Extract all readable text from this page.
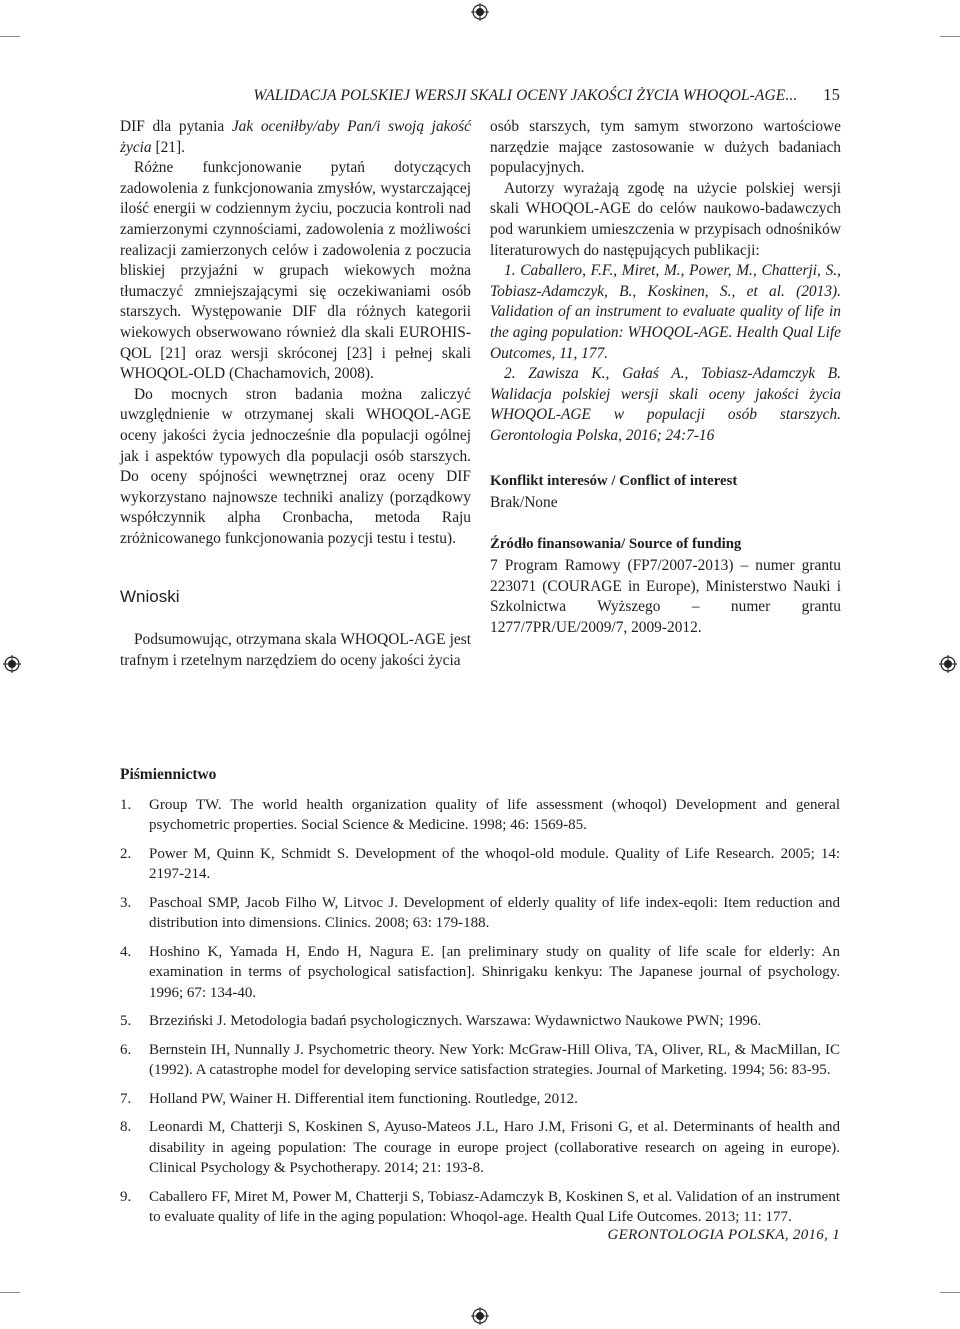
WALIDACJA POLSKIEJ WERSJI SKALI OCENY JAKOŚCI ŻYCIA WHOQOL-AGE... 15

DIF dla pytania Jak oceniłby/aby Pan/i swoją jakość życia [21].

Różne funkcjonowanie pytań dotyczących zadowolenia z funkcjonowania zmysłów, wystarczającej ilość energii w codziennym życiu, poczucia kontroli nad zamierzonymi czynnościami, zadowolenia z możliwości realizacji zamierzonych celów i zadowolenia z poczucia bliskiej przyjaźni w grupach wiekowych można tłumaczyć zmniejszającymi się oczekiwaniami osób starszych. Występowanie DIF dla różnych kategorii wiekowych obserwowano również dla skali EUROHIS-QOL [21] oraz wersji skróconej [23] i pełnej skali WHOQOL-OLD (Chachamovich, 2008).

Do mocnych stron badania można zaliczyć uwzględnienie w otrzymanej skali WHOQOL-AGE oceny jakości życia jednocześnie dla populacji ogólnej jak i aspektów typowych dla populacji osób starszych. Do oceny spójności wewnętrznej oraz oceny DIF wykorzystano najnowsze techniki analizy (porządkowy współczynnik alpha Cronbacha, metoda Raju zróżnicowanego funkcjonowania pozycji testu i testu).

Wnioski

Podsumowując, otrzymana skala WHOQOL-AGE jest trafnym i rzetelnym narzędziem do oceny jakości życia

osób starszych, tym samym stworzono wartościowe narzędzie mające zastosowanie w dużych badaniach populacyjnych.

Autorzy wyrażają zgodę na użycie polskiej wersji skali WHOQOL-AGE do celów naukowo-badawczych pod warunkiem umieszczenia w przypisach odnośników literaturowych do następujących publikacji:

1. Caballero, F.F., Miret, M., Power, M., Chatterji, S., Tobiasz-Adamczyk, B., Koskinen, S., et al. (2013). Validation of an instrument to evaluate quality of life in the aging population: WHOQOL-AGE. Health Qual Life Outcomes, 11, 177.

2. Zawisza K., Gałaś A., Tobiasz-Adamczyk B. Walidacja polskiej wersji skali oceny jakości życia WHOQOL-AGE w populacji osób starszych. Gerontologia Polska, 2016; 24:7-16

Konflikt interesów / Conflict of interest

Brak/None

Źródło finansowania/ Source of funding

7 Program Ramowy (FP7/2007-2013) – numer grantu 223071 (COURAGE in Europe), Ministerstwo Nauki i Szkolnictwa Wyższego – numer grantu 1277/7PR/UE/2009/7, 2009-2012.

Piśmiennictwo
1.	Group TW. The world health organization quality of life assessment (whoqol) Development and general psychometric properties. Social Science & Medicine. 1998; 46: 1569-85.
2.	Power M, Quinn K, Schmidt S. Development of the whoqol-old module. Quality of Life Research. 2005; 14: 2197-214.
3.	Paschoal SMP, Jacob Filho W, Litvoc J. Development of elderly quality of life index-eqoli: Item reduction and distribution into dimensions. Clinics. 2008; 63: 179-188.
4.	Hoshino K, Yamada H, Endo H, Nagura E. [an preliminary study on quality of life scale for elderly: An examination in terms of psychological satisfaction]. Shinrigaku kenkyu: The Japanese journal of psychology. 1996; 67: 134-40.
5.	Brzeziński J. Metodologia badań psychologicznych. Warszawa: Wydawnictwo Naukowe PWN; 1996.
6.	Bernstein IH, Nunnally J. Psychometric theory. New York: McGraw-Hill Oliva, TA, Oliver, RL, & MacMillan, IC (1992). A catastrophe model for developing service satisfaction strategies. Journal of Marketing. 1994; 56: 83-95.
7.	Holland PW, Wainer H. Differential item functioning. Routledge, 2012.
8.	Leonardi M, Chatterji S, Koskinen S, Ayuso-Mateos J.L, Haro J.M, Frisoni G, et al. Determinants of health and disability in ageing population: The courage in europe project (collaborative research on ageing in europe). Clinical Psychology & Psychotherapy. 2014; 21: 193-8.
9.	Caballero FF, Miret M, Power M, Chatterji S, Tobiasz-Adamczyk B, Koskinen S, et al. Validation of an instrument to evaluate quality of life in the aging population: Whoqol-age. Health Qual Life Outcomes. 2013; 11: 177.
GERONTOLOGIA POLSKA, 2016, 1
